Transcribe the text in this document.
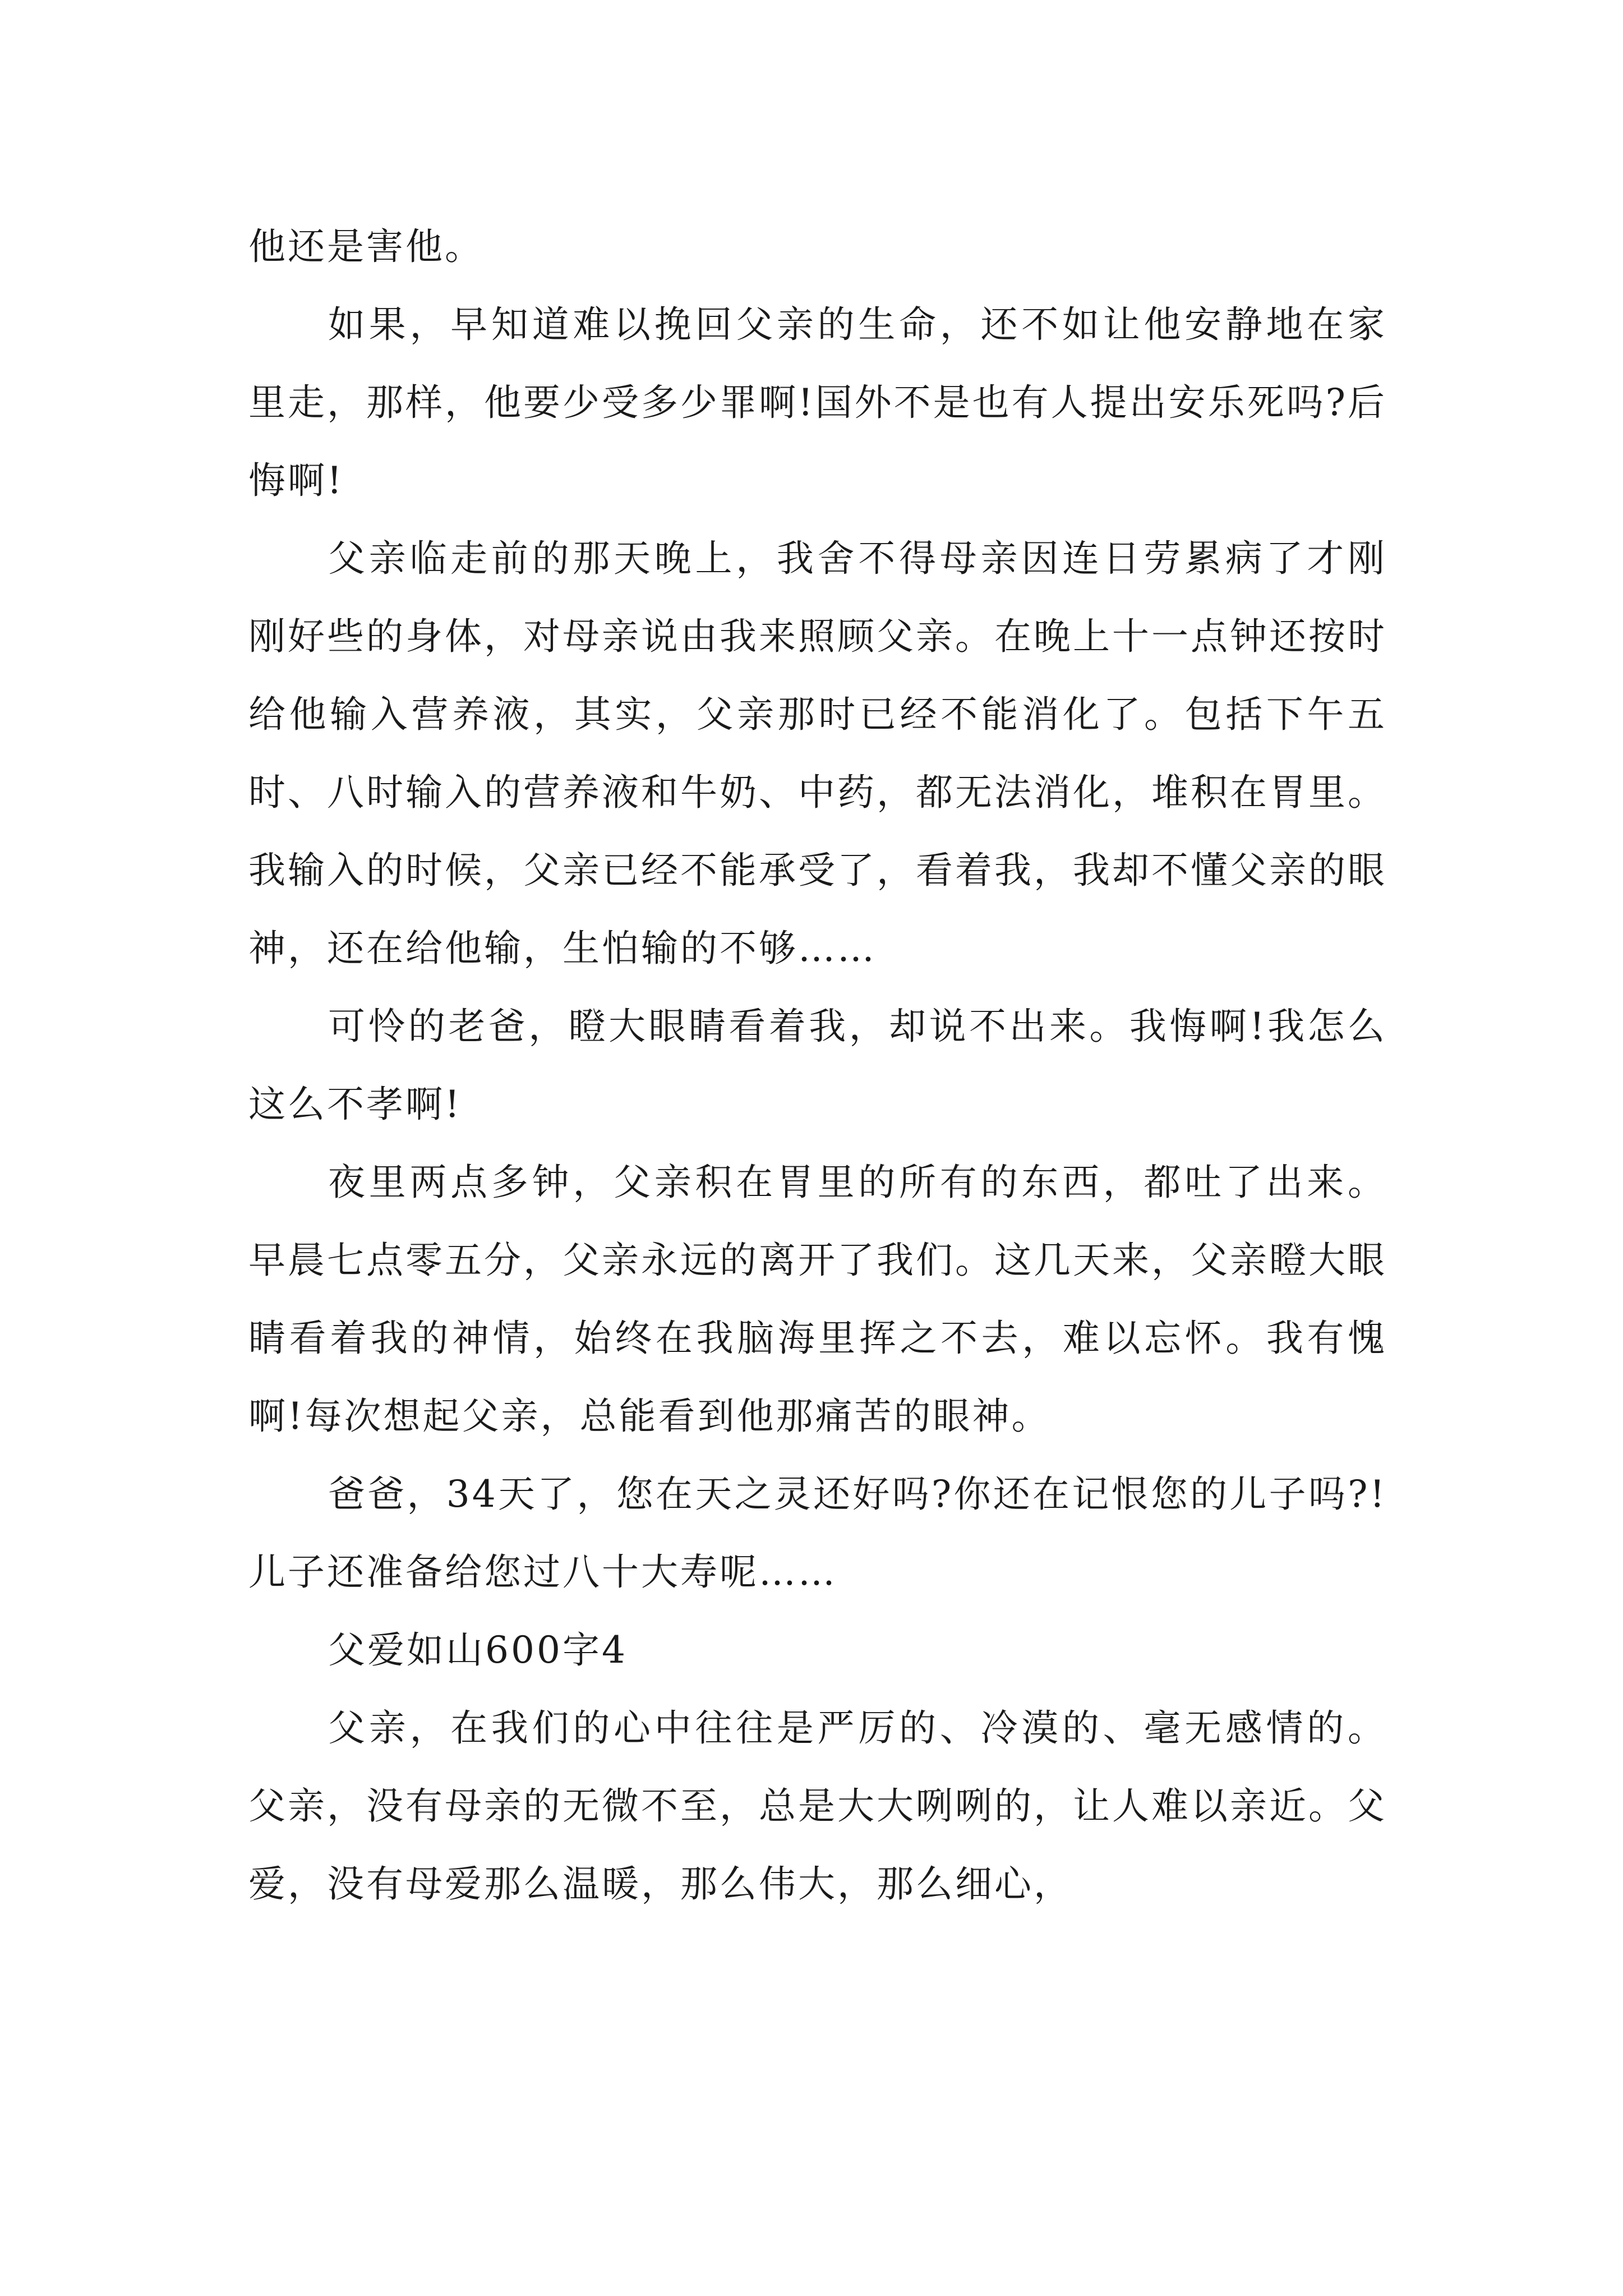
他还是害他。

如果，早知道难以挽回父亲的生命，还不如让他安静地在家里走，那样，他要少受多少罪啊!国外不是也有人提出安乐死吗?后悔啊!

父亲临走前的那天晚上，我舍不得母亲因连日劳累病了才刚刚好些的身体，对母亲说由我来照顾父亲。在晚上十一点钟还按时给他输入营养液，其实，父亲那时已经不能消化了。包括下午五时、八时输入的营养液和牛奶、中药，都无法消化，堆积在胃里。我输入的时候，父亲已经不能承受了，看着我，我却不懂父亲的眼神，还在给他输，生怕输的不够……

可怜的老爸，瞪大眼睛看着我，却说不出来。我悔啊!我怎么这么不孝啊!

夜里两点多钟，父亲积在胃里的所有的东西，都吐了出来。早晨七点零五分，父亲永远的离开了我们。这几天来，父亲瞪大眼睛看着我的神情，始终在我脑海里挥之不去，难以忘怀。我有愧啊!每次想起父亲，总能看到他那痛苦的眼神。

爸爸，34天了，您在天之灵还好吗?你还在记恨您的儿子吗?!儿子还准备给您过八十大寿呢……

父爱如山600字4

父亲，在我们的心中往往是严厉的、冷漠的、毫无感情的。父亲，没有母亲的无微不至，总是大大咧咧的，让人难以亲近。父爱，没有母爱那么温暖，那么伟大，那么细心，
